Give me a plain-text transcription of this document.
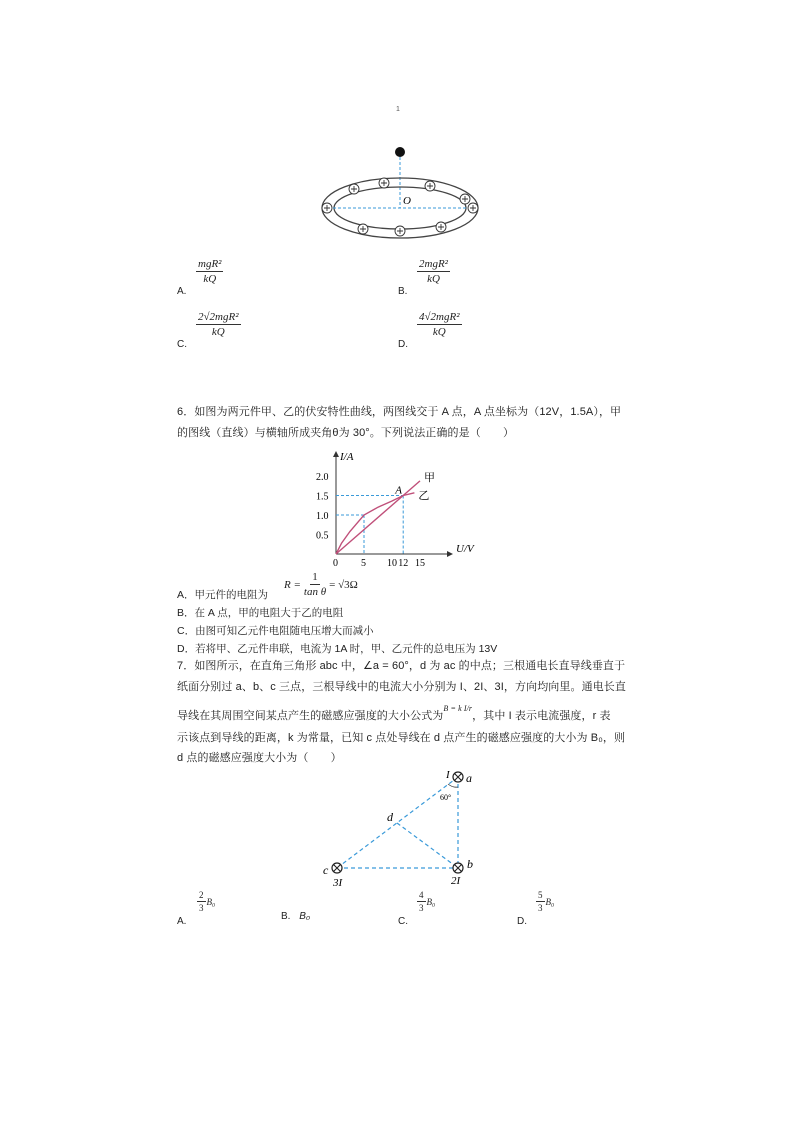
1
O
A.
mgR²
kQ
B.
2mgR²
kQ
C.
2√2mgR²
kQ
D.
4√2mgR²
kQ
6．如图为两元件甲、乙的伏安特性曲线，两图线交于 A 点，A 点坐标为（12V，1.5A），甲
的图线（直线）与横轴所成夹角θ为 30°。下列说法正确的是（　　）
I/A
U/V
0 5 10 12 15
0.5
1.0
1.5
2.0	甲
乙
A
A．甲元件的电阻为
$R = \frac{1}{\text{tan θ}} = √3\Omega$
B．在 A 点，甲的电阻大于乙的电阻
C．由图可知乙元件电阻随电压增大而减小
D．若将甲、乙元件串联，电流为 1A 时，甲、乙元件的总电压为 13V
7．如图所示，在直角三角形 abc 中，∠a = 60°，d 为 ac 的中点；三根通电长直导线垂直于
纸面分别过 a、b、c 三点，三根导线中的电流大小分别为 I、2I、3I，方向均向里。通电长直
导线在其周围空间某点产生的磁感应强度的大小公式为$^{B = k I/r}$，其中 I 表示电流强度，r 表
示该点到导线的距离，k 为常量，已知 c 点处导线在 d 点产生的磁感应强度的大小为 B₀，则
d 点的磁感应强度大小为（　　）
60°
a
I
b
2I
c
3I
d
A.
$\frac{2}{3} B_0$
B. B₀	C.
$\frac{4}{3} B_0$
D.
$\frac{5}{3} B_0$
